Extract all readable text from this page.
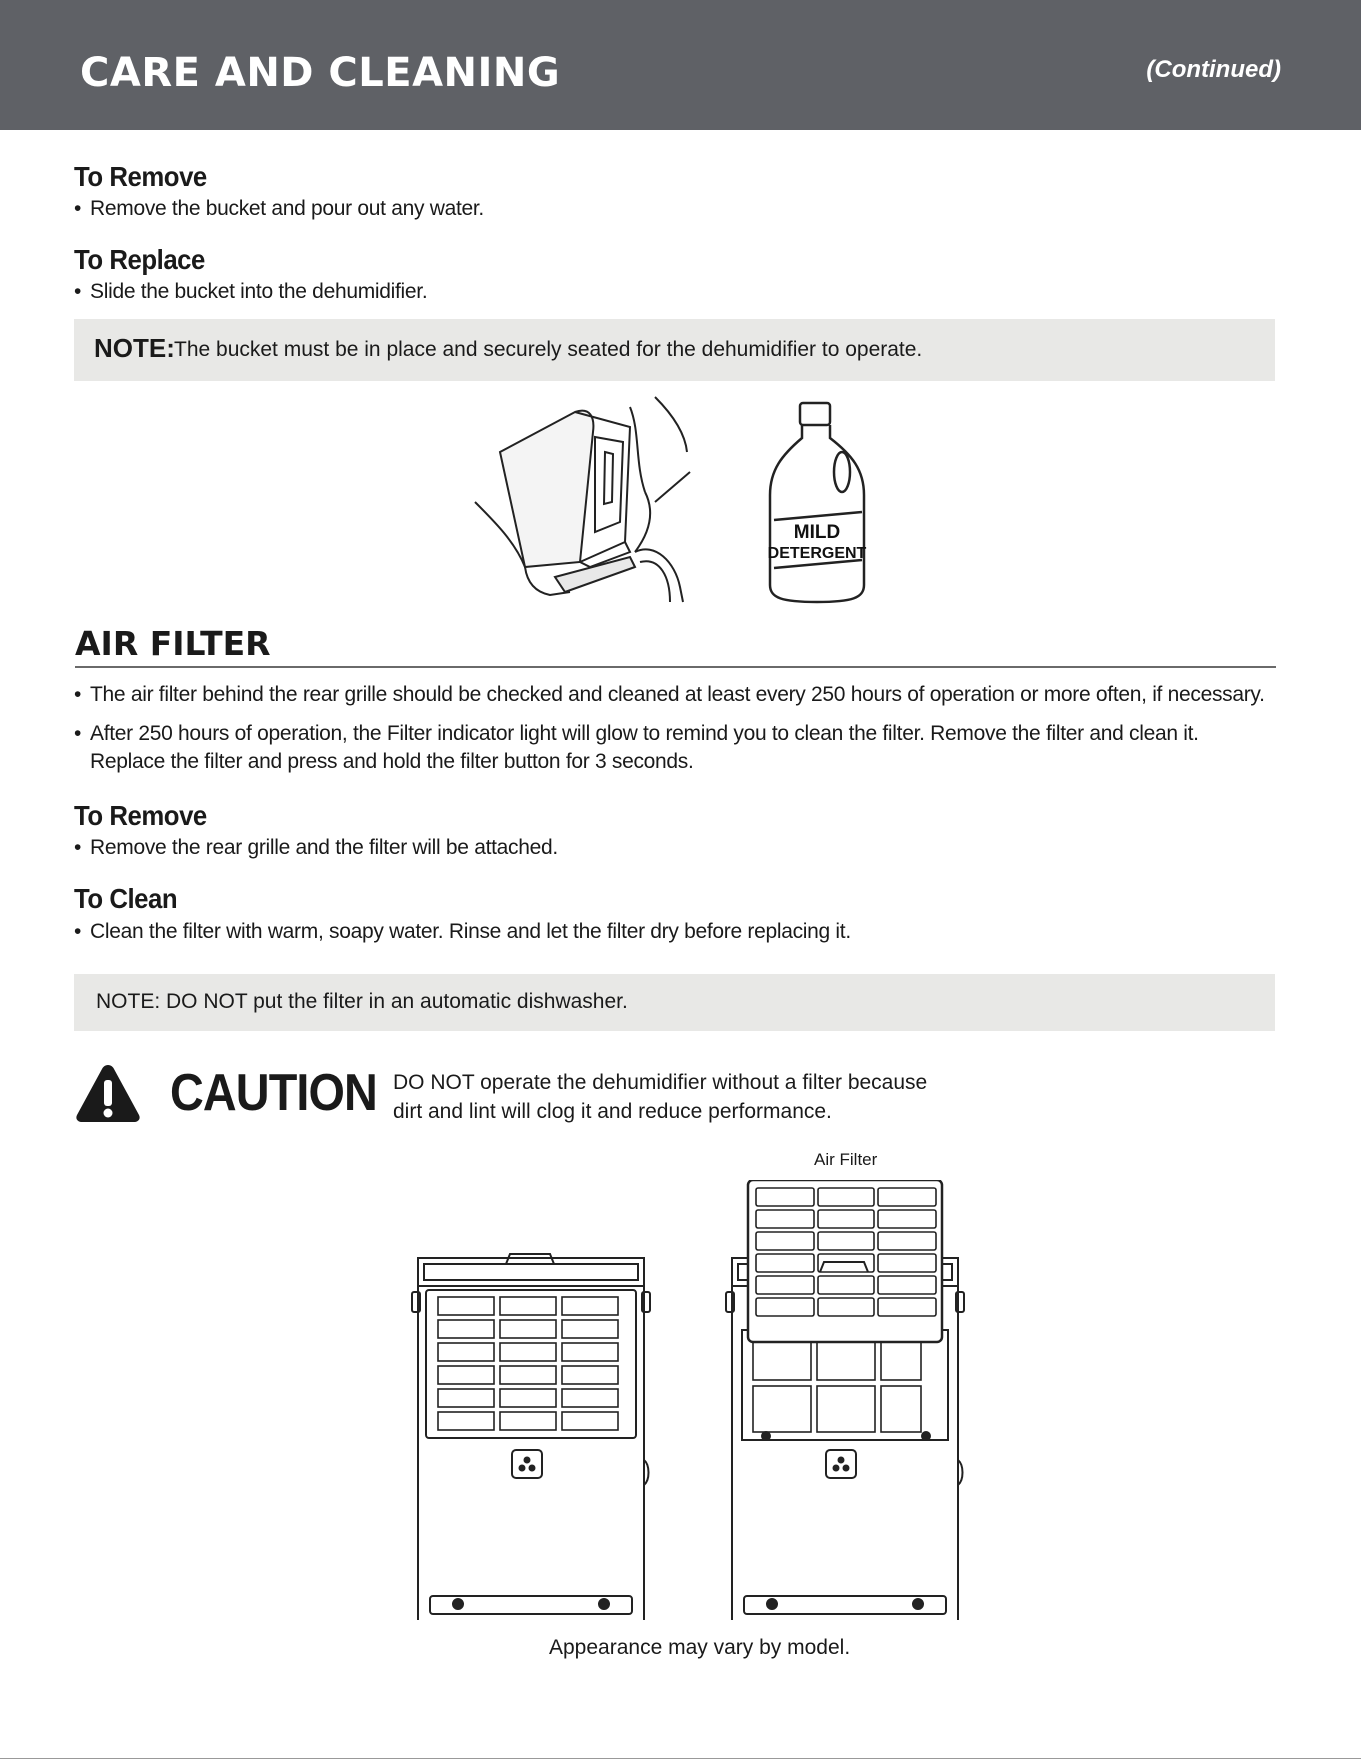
CARE AND CLEANING	(Continued)
To Remove
• Remove the bucket and pour out any water.
To Replace
• Slide the bucket into the dehumidifier.
NOTE: The bucket must be in place and securely seated for the dehumidifier to operate.
MILD
DETERGENT
AIR FILTER
• The air filter behind the rear grille should be checked and cleaned at least every 250 hours of operation or more often, if necessary.
• After 250 hours of operation, the Filter indicator light will glow to remind you to clean the filter. Remove the filter and clean it.
Replace the filter and press and hold the filter button for 3 seconds.
To Remove
• Remove the rear grille and the filter will be attached.
To Clean
• Clean the filter with warm, soapy water. Rinse and let the filter dry before replacing it.
NOTE: DO NOT put the filter in an automatic dishwasher.
CAUTION DO NOT operate the dehumidifier without a filter because
dirt and lint will clog it and reduce performance.
Air Filter
Appearance may vary by model.
